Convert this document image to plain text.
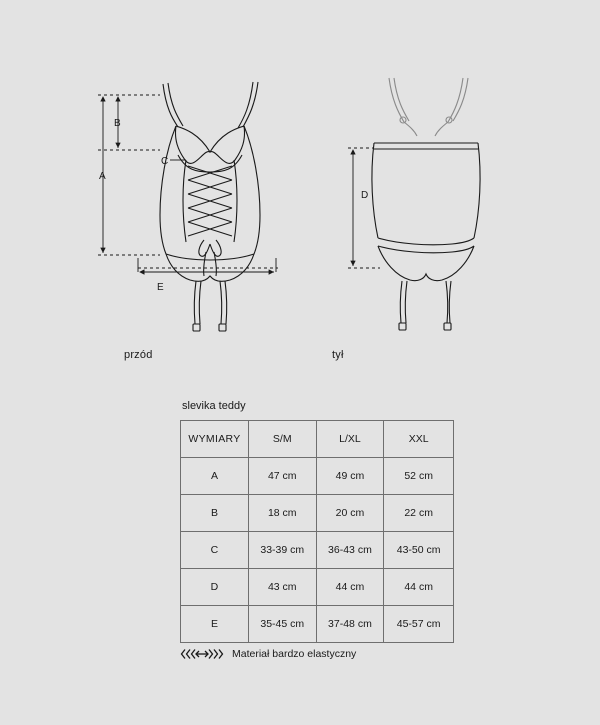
B
A
C
E
D
przód	tył
slevika teddy
WYMIARY	S/M	L/XL	XXL
A	47 cm	49 cm	52 cm
B	18 cm	20 cm	22 cm
C	33-39 cm	36-43 cm	43-50 cm
D	43 cm	44 cm	44 cm
E	35-45 cm	37-48 cm	45-57 cm
Materiał bardzo elastyczny
